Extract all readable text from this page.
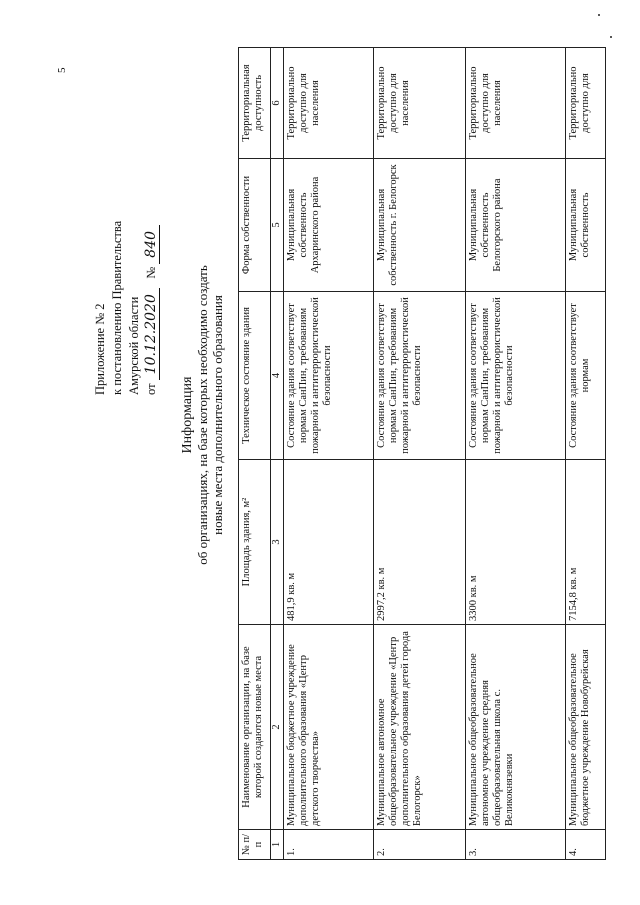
5
Приложение № 2 к постановлению Правительства Амурской области от 10.12.2020   № 840
Информация об организациях, на базе которых необходимо создать новые места дополнительного образования
№ п/п	Наименование организации, на базе которой создаются новые места	Площадь здания, м²	Техническое состояние здания	Форма собственности	Территориальная доступность
1	2	3	4	5	6
1.	Муниципальное бюджетное учреждение дополнительного образования «Центр детского творчества»	481,9 кв. м	Состояние здания соответствует нормам СанПин, требованиям пожарной и антитеррористической безопасности	Муниципальная собственность Архаринского района	Территориально доступно для населения
2.	Муниципальное автономное общеобразовательное учреждение «Центр дополнительного образования детей города Белогорск»	2997,2 кв. м	Состояние здания соответствует нормам СанПин, требованиям пожарной и антитеррористической безопасности	Муниципальная собственность г. Белогорск	Территориально доступно для населения
3.	Муниципальное общеобразовательное автономное учреждение средняя общеобразовательная школа с. Великокнязевки	3300 кв. м	Состояние здания соответствует нормам СанПин, требованиям пожарной и антитеррористической безопасности	Муниципальная собственность Белогорского района	Территориально доступно для населения
4.	Муниципальное общеобразовательное бюджетное учреждение Новобурейская	7154,8 кв. м	Состояние здания соответствует нормам	Муниципальная собственность	Территориально доступно для
